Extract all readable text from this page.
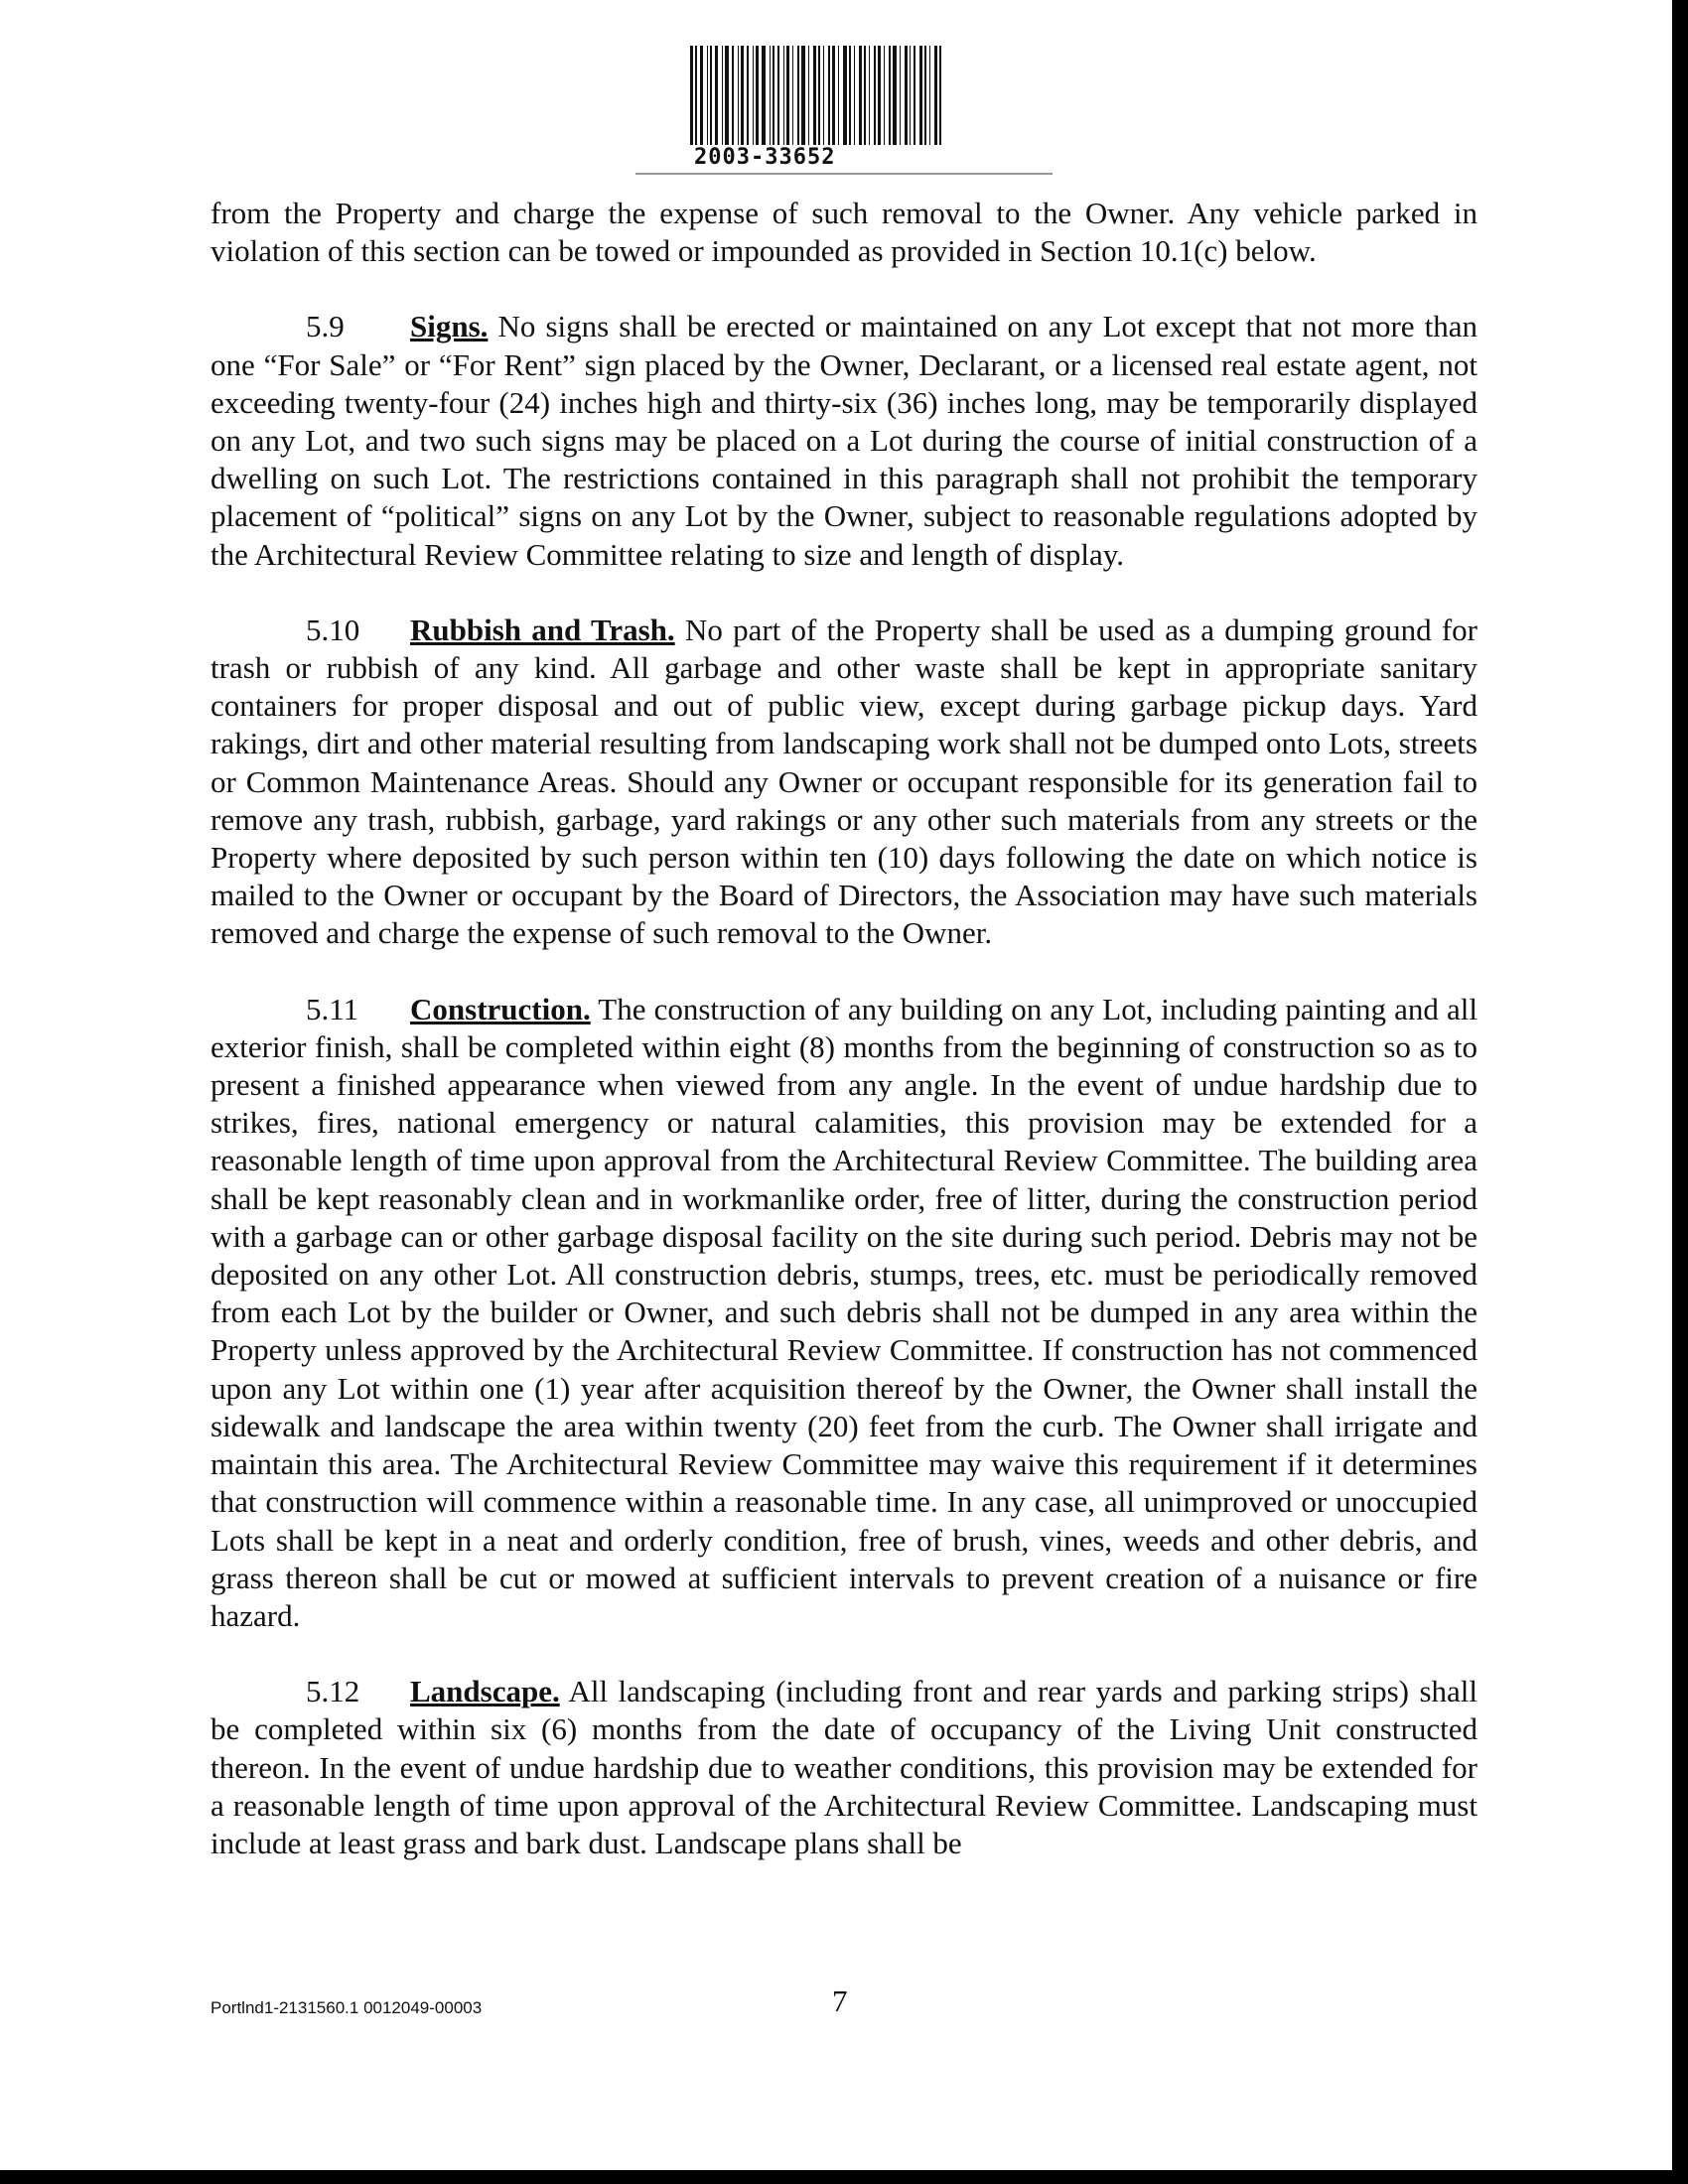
2003-33652

from the Property and charge the expense of such removal to the Owner. Any vehicle parked in violation of this section can be towed or impounded as provided in Section 10.1(c) below.

5.9 Signs. No signs shall be erected or maintained on any Lot except that not more than one “For Sale” or “For Rent” sign placed by the Owner, Declarant, or a licensed real estate agent, not exceeding twenty-four (24) inches high and thirty-six (36) inches long, may be temporarily displayed on any Lot, and two such signs may be placed on a Lot during the course of initial construction of a dwelling on such Lot. The restrictions contained in this paragraph shall not prohibit the temporary placement of “political” signs on any Lot by the Owner, subject to reasonable regulations adopted by the Architectural Review Committee relating to size and length of display.

5.10 Rubbish and Trash. No part of the Property shall be used as a dumping ground for trash or rubbish of any kind. All garbage and other waste shall be kept in appropriate sanitary containers for proper disposal and out of public view, except during garbage pickup days. Yard rakings, dirt and other material resulting from landscaping work shall not be dumped onto Lots, streets or Common Maintenance Areas. Should any Owner or occupant responsible for its generation fail to remove any trash, rubbish, garbage, yard rakings or any other such materials from any streets or the Property where deposited by such person within ten (10) days following the date on which notice is mailed to the Owner or occupant by the Board of Directors, the Association may have such materials removed and charge the expense of such removal to the Owner.

5.11 Construction. The construction of any building on any Lot, including painting and all exterior finish, shall be completed within eight (8) months from the beginning of construction so as to present a finished appearance when viewed from any angle. In the event of undue hardship due to strikes, fires, national emergency or natural calamities, this provision may be extended for a reasonable length of time upon approval from the Architectural Review Committee. The building area shall be kept reasonably clean and in workmanlike order, free of litter, during the construction period with a garbage can or other garbage disposal facility on the site during such period. Debris may not be deposited on any other Lot. All construction debris, stumps, trees, etc. must be periodically removed from each Lot by the builder or Owner, and such debris shall not be dumped in any area within the Property unless approved by the Architectural Review Committee. If construction has not commenced upon any Lot within one (1) year after acquisition thereof by the Owner, the Owner shall install the sidewalk and landscape the area within twenty (20) feet from the curb. The Owner shall irrigate and maintain this area. The Architectural Review Committee may waive this requirement if it determines that construction will commence within a reasonable time. In any case, all unimproved or unoccupied Lots shall be kept in a neat and orderly condition, free of brush, vines, weeds and other debris, and grass thereon shall be cut or mowed at sufficient intervals to prevent creation of a nuisance or fire hazard.

5.12 Landscape. All landscaping (including front and rear yards and parking strips) shall be completed within six (6) months from the date of occupancy of the Living Unit constructed thereon. In the event of undue hardship due to weather conditions, this provision may be extended for a reasonable length of time upon approval of the Architectural Review Committee. Landscaping must include at least grass and bark dust. Landscape plans shall be

Portlnd1-2131560.1 0012049-00003	7
